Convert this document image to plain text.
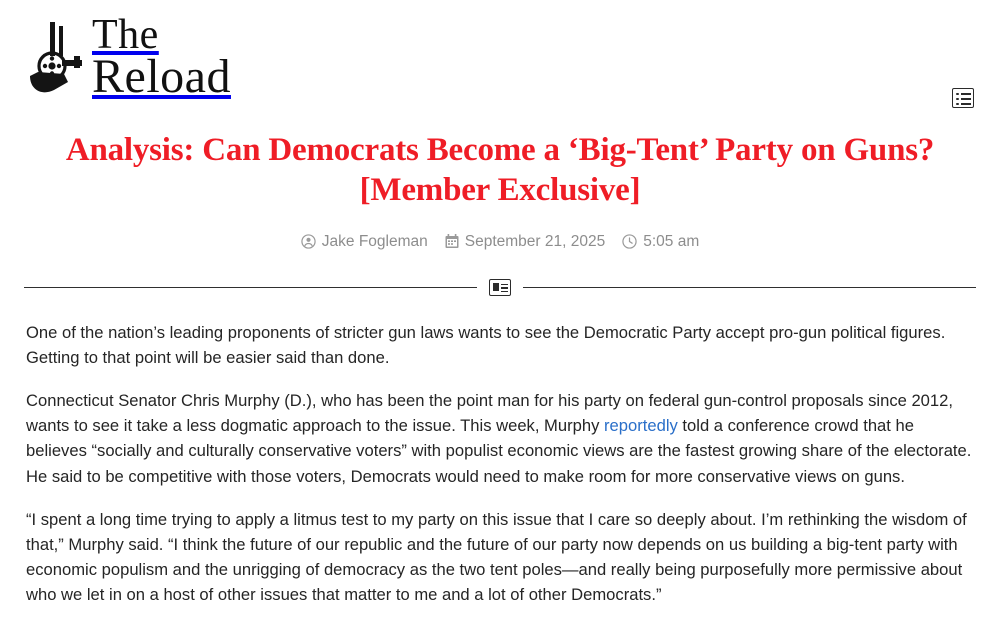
The
Reload
Analysis: Can Democrats Become a ‘Big-Tent’ Party on Guns? [Member Exclusive]
Jake Fogleman September 21, 2025 5:05 am

One of the nation’s leading proponents of stricter gun laws wants to see the Democratic Party accept pro-gun political figures. Getting to that point will be easier said than done.

Connecticut Senator Chris Murphy (D.), who has been the point man for his party on federal gun-control proposals since 2012, wants to see it take a less dogmatic approach to the issue. This week, Murphy reportedly told a conference crowd that he believes “socially and culturally conservative voters” with populist economic views are the fastest growing share of the electorate. He said to be competitive with those voters, Democrats would need to make room for more conservative views on guns.

“I spent a long time trying to apply a litmus test to my party on this issue that I care so deeply about. I’m rethinking the wisdom of that,” Murphy said. “I think the future of our republic and the future of our party now depends on us building a big-tent party with economic populism and the unrigging of democracy as the two tent poles—and really being purposefully more permissive about who we let in on a host of other issues that matter to me and a lot of other Democrats.”
